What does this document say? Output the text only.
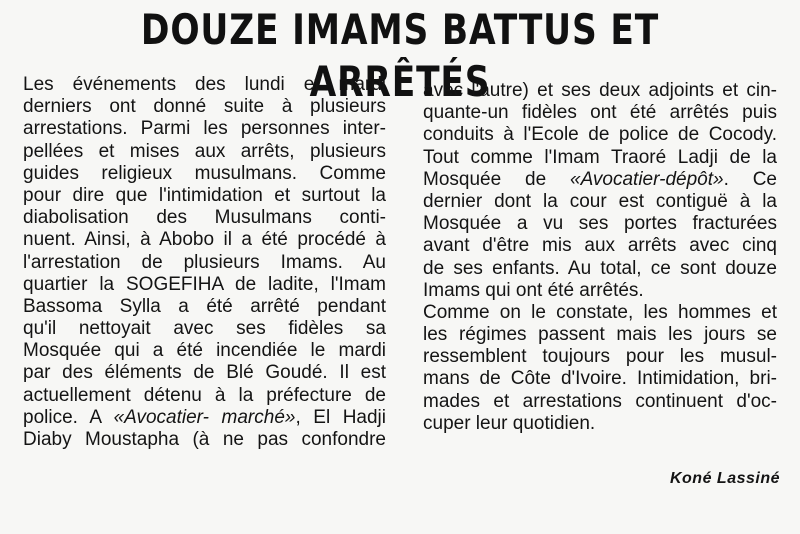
DOUZE IMAMS BATTUS ET ARRÊTÉS
Les événements des lundi et mardi
derniers ont donné suite à plusieurs
arrestations. Parmi les personnes inter-
pellées et mises aux arrêts, plusieurs
guides religieux musulmans. Comme
pour dire que l'intimidation et surtout la
diabolisation des Musulmans conti-
nuent. Ainsi, à Abobo il a été procédé à
l'arrestation de plusieurs Imams. Au
quartier la SOGEFIHA de ladite, l'Imam
Bassoma Sylla a été arrêté pendant
qu'il nettoyait avec ses fidèles sa
Mosquée qui a été incendiée le mardi
par des éléments de Blé Goudé. Il est
actuellement détenu à la préfecture de
police. A «Avocatier- marché», El Hadji
Diaby Moustapha (à ne pas confondre
avec l'autre) et ses deux adjoints et cin-
quante-un fidèles ont été arrêtés puis
conduits à l'Ecole de police de Cocody.
Tout comme l'Imam Traoré Ladji de la
Mosquée de «Avocatier-dépôt». Ce
dernier dont la cour est contiguë à la
Mosquée a vu ses portes fracturées
avant d'être mis aux arrêts avec cinq
de ses enfants. Au total, ce sont douze
Imams qui ont été arrêtés.
Comme on le constate, les hommes et
les régimes passent mais les jours se
ressemblent toujours pour les musul-
mans de Côte d'Ivoire. Intimidation, bri-
mades et arrestations continuent d'oc-
cuper leur quotidien.
Koné Lassiné
